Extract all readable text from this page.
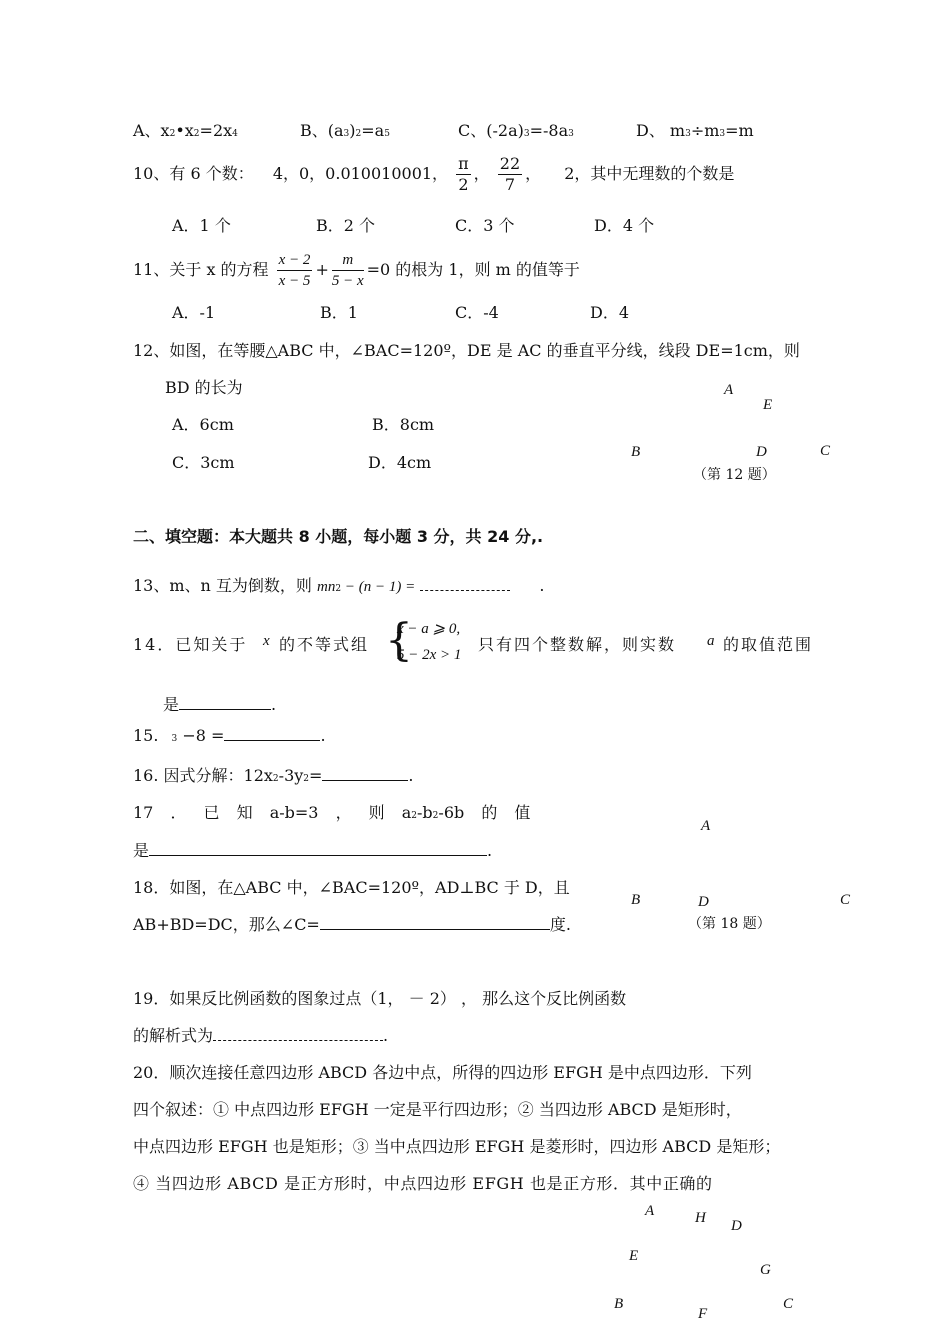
A、x2•x2=2x4	B、(a3)2=a5	C、(-2a)3=-8a3	D、 m3÷m3=m
10、有 6 个数： 4，0，0.010010001， $\frac{\pi}{2}$ ， $\frac{22}{7}$ ， 2，其中无理数的个数是
A．1 个	B．2 个	C．3 个	D．4 个
11、关于 x 的方程 $\frac{x - 2}{x - 5} + \frac{m}{5 - x} =0$ 的根为 1，则 m 的值等于
A．-1	B．1	C．-4	D．4
12、如图，在等腰△ABC 中，∠BAC=120º，DE 是 AC 的垂直平分线，线段 DE=1cm，则
BD 的长为
A．6cm	B．8cm
C．3cm	D．4cm
A
E
B	D	C
（第 12 题）
二、填空题：本大题共 8 小题，每小题 3 分，共 24 分,.
13、m、n 互为倒数，则 mn2 − (n − 1) =	.
14．已知关于 x 的不等式组 {
x − a ⩾ 0,
5 − 2x > 1
只有四个整数解，则实数 a 的取值范围
是	.
15. 3 −8 =	.
16. 因式分解：12x2-3y2=	.
17 ． 已 知 a-b=3 ， 则 a2-b2-6b 的 值
是	.
A
18．如图，在△ABC 中，∠BAC=120º，AD⊥BC 于 D，且
AB+BD=DC，那么∠C=	度.
B	D	C
（第 18 题）
19．如果反比例函数的图象过点（1， － 2） ， 那么这个反比例函数
的解析式为	.
20．顺次连接任意四边形 ABCD 各边中点，所得的四边形 EFGH 是中点四边形．下列
四个叙述：① 中点四边形 EFGH 一定是平行四边形；② 当四边形 ABCD 是矩形时，
中点四边形 EFGH 也是矩形；③ 当中点四边形 EFGH 是菱形时，四边形 ABCD 是矩形；
④ 当四边形 ABCD 是正方形时，中点四边形 EFGH 也是正方形．其中正确的
A	H D
E
G
B
F
C
